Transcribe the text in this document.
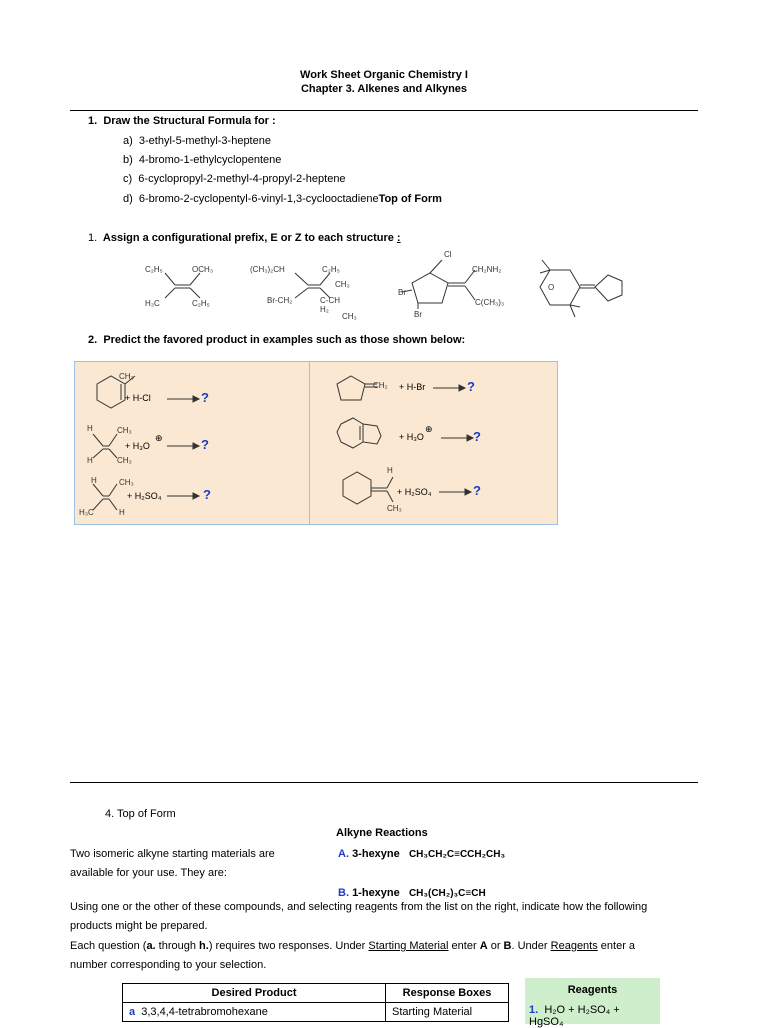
Work Sheet Organic Chemistry I
Chapter 3. Alkenes and Alkynes
1. Draw the Structural Formula for :
a) 3-ethyl-5-methyl-3-heptene
b) 4-bromo-1-ethylcyclopentene
c) 6-cyclopropyl-2-methyl-4-propyl-2-heptene
d) 6-bromo-2-cyclopentyl-6-vinyl-1,3-cyclooctadieneTop of Form
1. Assign a configurational prefix, E or Z to each structure :
C₂H₅	OCH₃
H₃C	C₂H₅
(CH₃)₂CH	C₂H₅
CH₃
Br-CH₂	C-CH
H₂
CH₃
Cl
CH₂NH₂
Br
Br
C(CH₃)₃
O
2. Predict the favored product in examples such as those shown below:
CH₃
+ H-Cl	?
H	CH₃
+ H₃O
⊕	?
H	CH₃
H	CH₃
+ H₂SO₄	?
H₃C	H
CH₂ + H-Br	?
+ H₃O
⊕	?
H
+ H₂SO₄	?
CH₃
4. Top of Form
Alkyne Reactions
Two isomeric alkyne starting materials are
available for your use. They are:
A. 3-hexyne CH₃CH₂C≡CCH₂CH₃
B. 1-hexyne CH₃(CH₂)₃C≡CH
Using one or the other of these compounds, and selecting reagents from the list on the right, indicate how the following
products might be prepared.
Each question (a. through h.) requires two responses. Under Starting Material enter A or B. Under Reagents enter a
number corresponding to your selection.
Desired Product	Response Boxes
a 3,3,4,4-tetrabromohexane	Starting Material
Reagents
1. H₂O + H₂SO₄ +
HgSO₄
